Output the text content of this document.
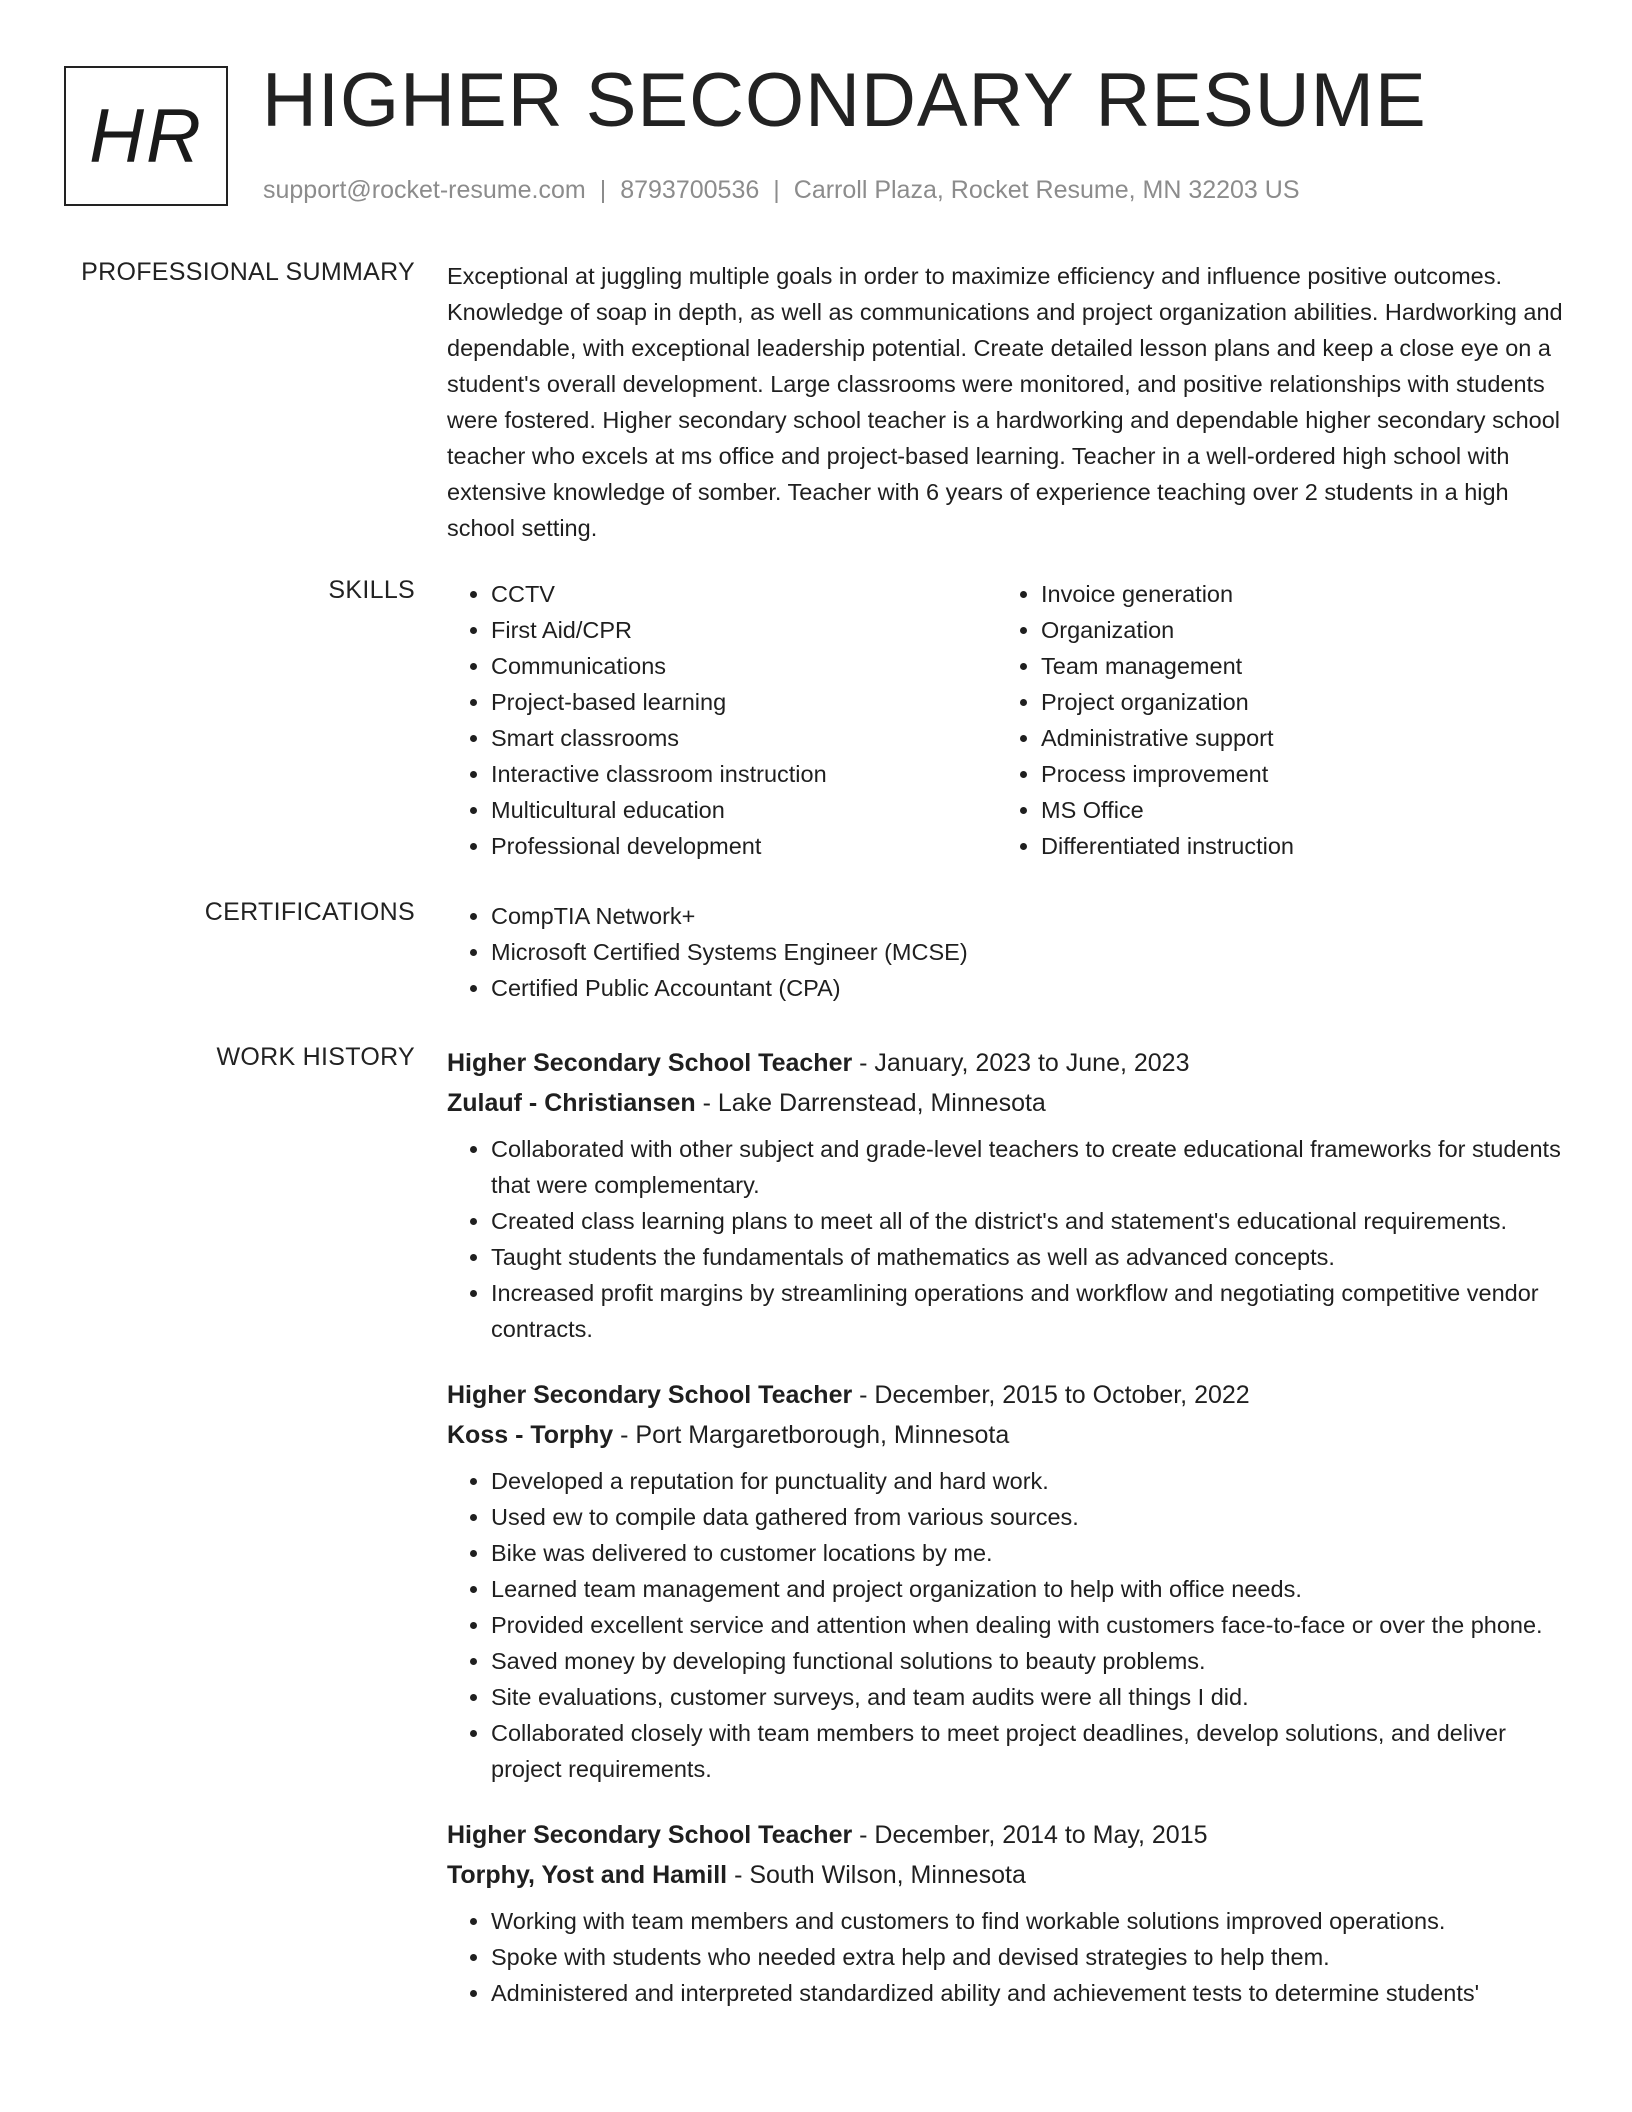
HR HIGHER SECONDARY RESUME
support@rocket-resume.com | 8793700536 | Carroll Plaza, Rocket Resume, MN 32203 US
PROFESSIONAL SUMMARY Exceptional at juggling multiple goals in order to maximize efficiency and influence positive outcomes. Knowledge of soap in depth, as well as communications and project organization abilities. Hardworking and dependable, with exceptional leadership potential. Create detailed lesson plans and keep a close eye on a student's overall development. Large classrooms were monitored, and positive relationships with students were fostered. Higher secondary school teacher is a hardworking and dependable higher secondary school teacher who excels at ms office and project-based learning. Teacher in a well-ordered high school with extensive knowledge of somber. Teacher with 6 years of experience teaching over 2 students in a high school setting.

SKILLS	• CCTV
• First Aid/CPR
• Communications
• Project-based learning
• Smart classrooms
• Interactive classroom instruction
• Multicultural education
• Professional development
• Invoice generation
• Organization
• Team management
• Project organization
• Administrative support
• Process improvement
• MS Office
• Differentiated instruction
CERTIFICATIONS	• CompTIA Network+
• Microsoft Certified Systems Engineer (MCSE)
• Certified Public Accountant (CPA)
WORK HISTORY Higher Secondary School Teacher - January, 2023 to June, 2023
Zulauf - Christiansen - Lake Darrenstead, Minnesota
• Collaborated with other subject and grade-level teachers to create educational frameworks for students that were complementary.
• Created class learning plans to meet all of the district's and statement's educational requirements.
• Taught students the fundamentals of mathematics as well as advanced concepts.
• Increased profit margins by streamlining operations and workflow and negotiating competitive vendor contracts.
Higher Secondary School Teacher - December, 2015 to October, 2022
Koss - Torphy - Port Margaretborough, Minnesota
• Developed a reputation for punctuality and hard work.
• Used ew to compile data gathered from various sources.
• Bike was delivered to customer locations by me.
• Learned team management and project organization to help with office needs.
• Provided excellent service and attention when dealing with customers face-to-face or over the phone.
• Saved money by developing functional solutions to beauty problems.
• Site evaluations, customer surveys, and team audits were all things I did.
• Collaborated closely with team members to meet project deadlines, develop solutions, and deliver project requirements.
Higher Secondary School Teacher - December, 2014 to May, 2015
Torphy, Yost and Hamill - South Wilson, Minnesota
• Working with team members and customers to find workable solutions improved operations.
• Spoke with students who needed extra help and devised strategies to help them.
• Administered and interpreted standardized ability and achievement tests to determine students'
